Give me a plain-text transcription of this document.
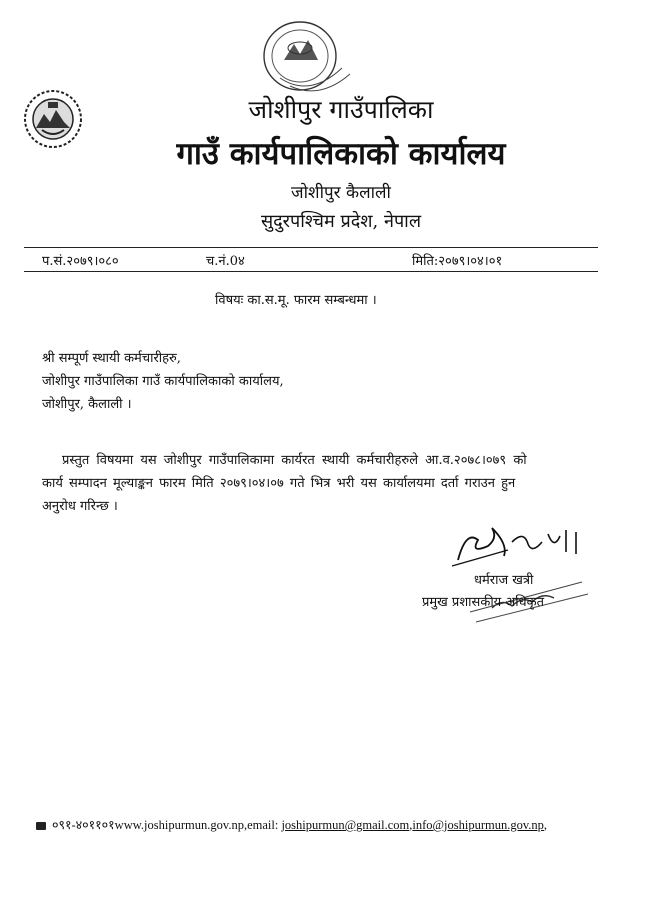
जोशीपुर गाउँपालिका
गाउँ कार्यपालिकाको कार्यालय
जोशीपुर कैलाली
सुदुरपश्चिम प्रदेश, नेपाल
प.सं.२०७९।०८०	च.नं.0४	मिति:२०७९।०४।०१
विषयः का.स.मू. फारम सम्बन्धमा ।
श्री सम्पूर्ण स्थायी कर्मचारीहरु,
जोशीपुर गाउँपालिका गाउँ कार्यपालिकाको कार्यालय,
जोशीपुर, कैलाली ।
प्रस्तुत विषयमा यस जोशीपुर गाउँपालिकामा कार्यरत स्थायी कर्मचारीहरुले आ.व.२०७८।०७९ को
कार्य सम्पादन मूल्याङ्कन फारम मिति २०७९।०४।०७ गते भित्र भरी यस कार्यालयमा दर्ता गराउन हुन
अनुरोध गरिन्छ ।
धर्मराज खत्री
प्रमुख प्रशासकीय अधिकृत
०९१-४०११०१www.joshipurmun.gov.np,email: joshipurmun@gmail.com,info@joshipurmun.gov.np,
